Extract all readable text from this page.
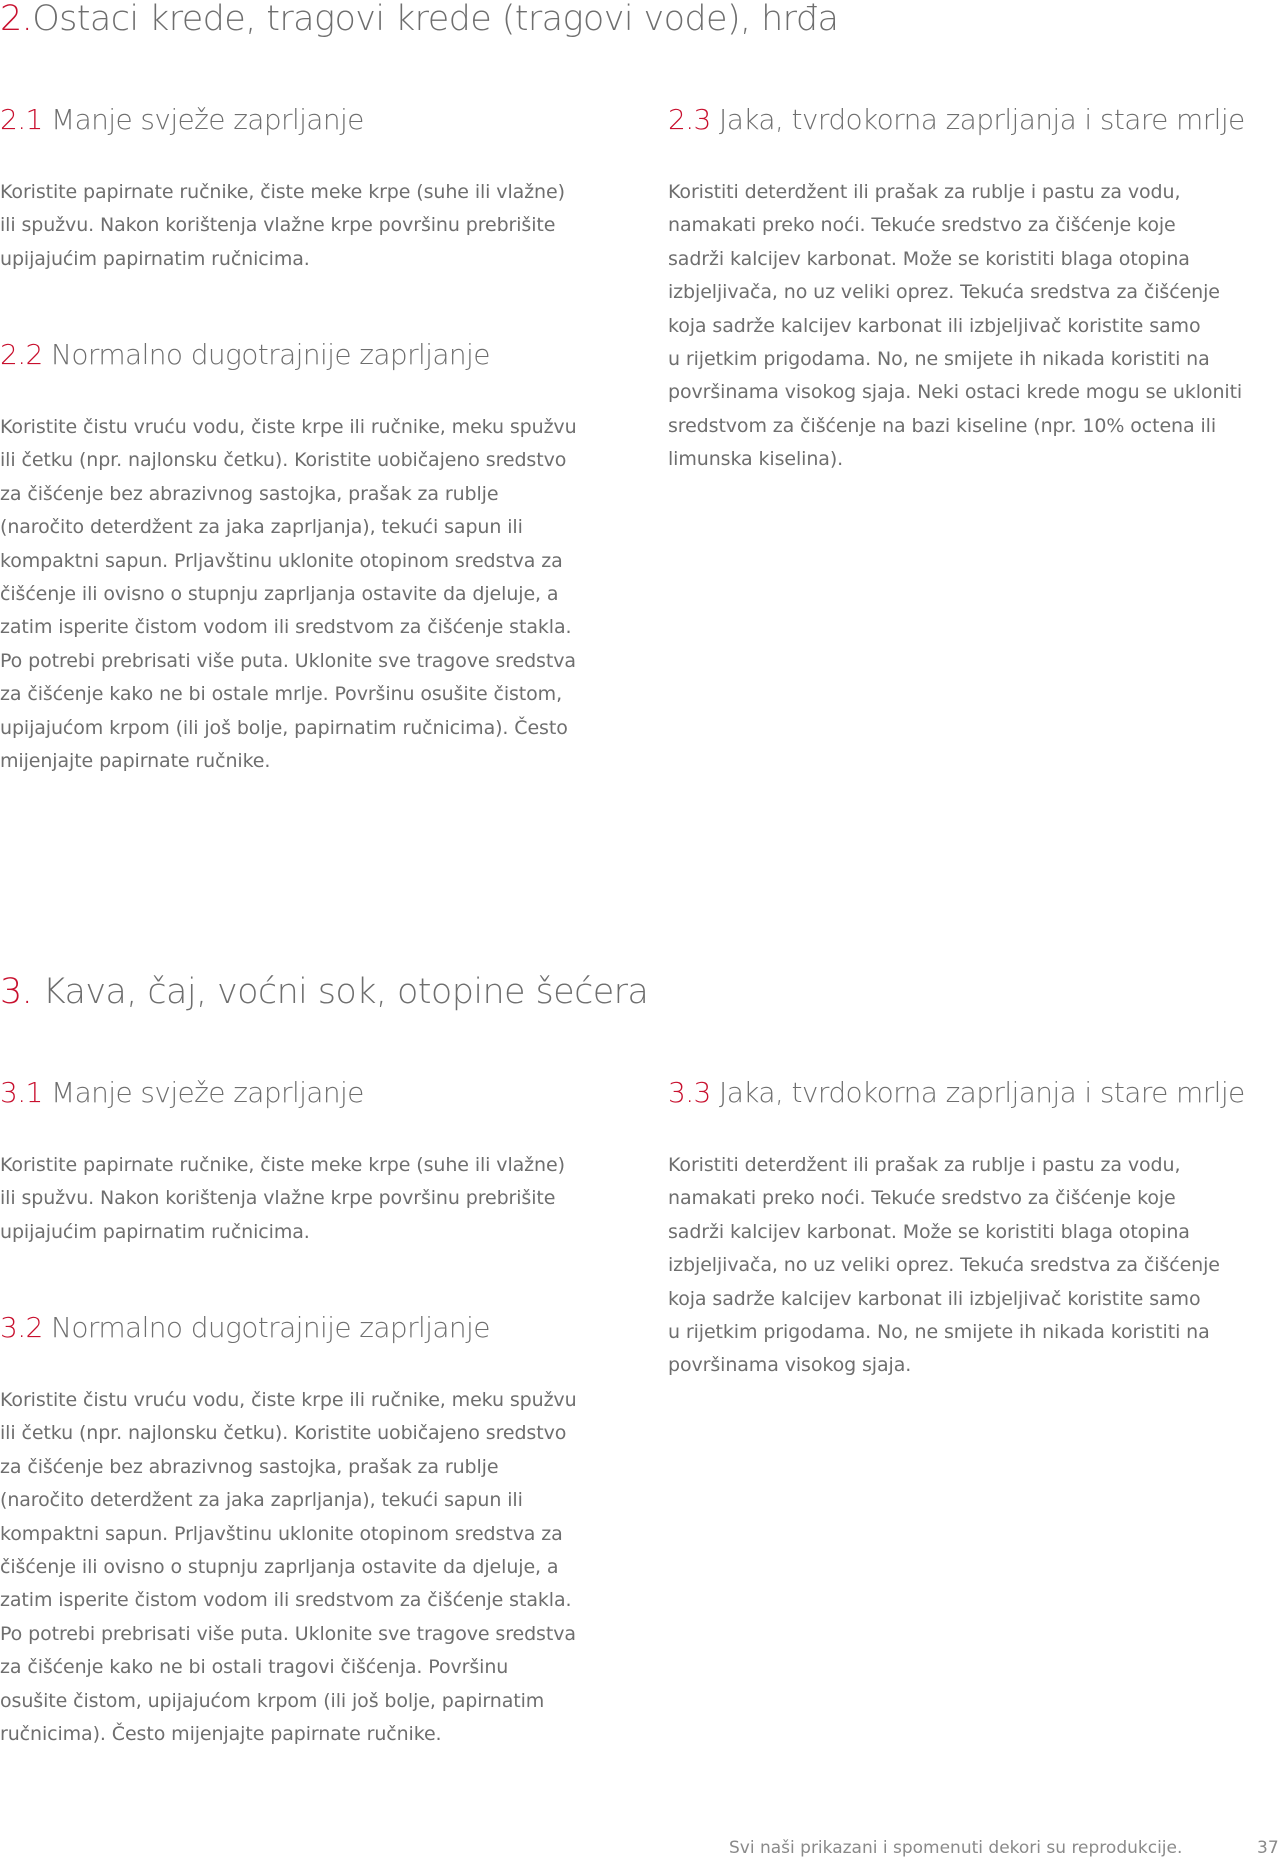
2.Ostaci krede, tragovi krede (tragovi vode), hrđa
2.1 Manje svježe zaprljanje

Koristite papirnate ručnike, čiste meke krpe (suhe ili vlažne)
ili spužvu. Nakon korištenja vlažne krpe površinu prebrišite
upijajućim papirnatim ručnicima.

2.2 Normalno dugotrajnije zaprljanje

Koristite čistu vruću vodu, čiste krpe ili ručnike, meku spužvu
ili četku (npr. najlonsku četku). Koristite uobičajeno sredstvo
za čišćenje bez abrazivnog sastojka, prašak za rublje
(naročito deterdžent za jaka zaprljanja), tekući sapun ili
kompaktni sapun. Prljavštinu uklonite otopinom sredstva za
čišćenje ili ovisno o stupnju zaprljanja ostavite da djeluje, a
zatim isperite čistom vodom ili sredstvom za čišćenje stakla.
Po potrebi prebrisati više puta. Uklonite sve tragove sredstva
za čišćenje kako ne bi ostale mrlje. Površinu osušite čistom,
upijajućom krpom (ili još bolje, papirnatim ručnicima). Često
mijenjajte papirnate ručnike.

2.3 Jaka, tvrdokorna zaprljanja i stare mrlje

Koristiti deterdžent ili prašak za rublje i pastu za vodu,
namakati preko noći. Tekuće sredstvo za čišćenje koje
sadrži kalcijev karbonat. Može se koristiti blaga otopina
izbjeljivača, no uz veliki oprez. Tekuća sredstva za čišćenje
koja sadrže kalcijev karbonat ili izbjeljivač koristite samo
u rijetkim prigodama. No, ne smijete ih nikada koristiti na
površinama visokog sjaja. Neki ostaci krede mogu se ukloniti
sredstvom za čišćenje na bazi kiseline (npr. 10% octena ili
limunska kiselina).

3. Kava, čaj, voćni sok, otopine šećera
3.1 Manje svježe zaprljanje

Koristite papirnate ručnike, čiste meke krpe (suhe ili vlažne)
ili spužvu. Nakon korištenja vlažne krpe površinu prebrišite
upijajućim papirnatim ručnicima.

3.2 Normalno dugotrajnije zaprljanje

Koristite čistu vruću vodu, čiste krpe ili ručnike, meku spužvu
ili četku (npr. najlonsku četku). Koristite uobičajeno sredstvo
za čišćenje bez abrazivnog sastojka, prašak za rublje
(naročito deterdžent za jaka zaprljanja), tekući sapun ili
kompaktni sapun. Prljavštinu uklonite otopinom sredstva za
čišćenje ili ovisno o stupnju zaprljanja ostavite da djeluje, a
zatim isperite čistom vodom ili sredstvom za čišćenje stakla.
Po potrebi prebrisati više puta. Uklonite sve tragove sredstva
za čišćenje kako ne bi ostali tragovi čišćenja. Površinu
osušite čistom, upijajućom krpom (ili još bolje, papirnatim
ručnicima). Često mijenjajte papirnate ručnike.

3.3 Jaka, tvrdokorna zaprljanja i stare mrlje

Koristiti deterdžent ili prašak za rublje i pastu za vodu,
namakati preko noći. Tekuće sredstvo za čišćenje koje
sadrži kalcijev karbonat. Može se koristiti blaga otopina
izbjeljivača, no uz veliki oprez. Tekuća sredstva za čišćenje
koja sadrže kalcijev karbonat ili izbjeljivač koristite samo
u rijetkim prigodama. No, ne smijete ih nikada koristiti na
površinama visokog sjaja.

Svi naši prikazani i spomenuti dekori su reprodukcije.	37
